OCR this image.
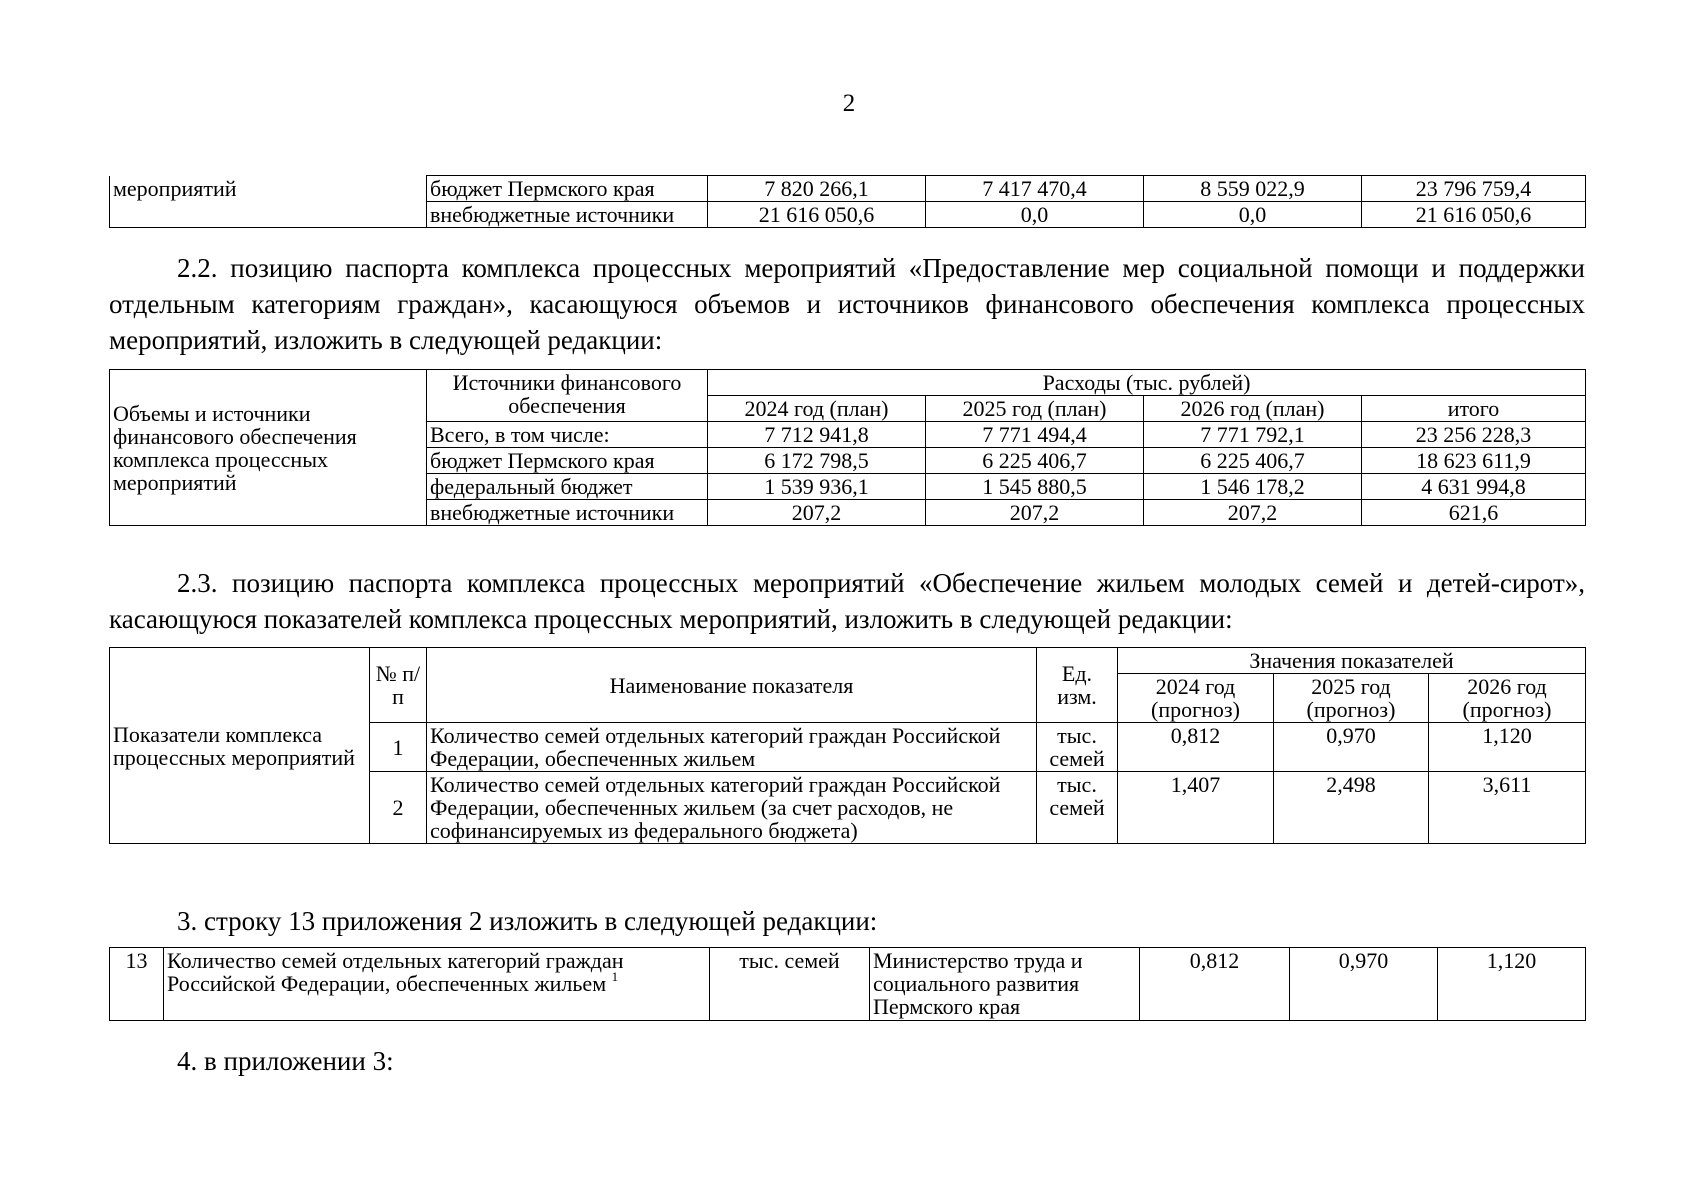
2
мероприятий	бюджет Пермского края	7 820 266,1	7 417 470,4	8 559 022,9	23 796 759,4
	внебюджетные источники	21 616 050,6	0,0	0,0	21 616 050,6
2.2. позицию паспорта комплекса процессных мероприятий «Предоставление мер социальной помощи и поддержки отдельным категориям граждан», касающуюся объемов и источников финансового обеспечения комплекса процессных мероприятий, изложить в следующей редакции:
Объемы и источники финансового обеспечения комплекса процессных мероприятий	Источники финансового обеспечения	Расходы (тыс. рублей)			
		2024 год (план)	2025 год (план)	2026 год (план)	итого
	Всего, в том числе:	7 712 941,8	7 771 494,4	7 771 792,1	23 256 228,3
	бюджет Пермского края	6 172 798,5	6 225 406,7	6 225 406,7	18 623 611,9
	федеральный бюджет	1 539 936,1	1 545 880,5	1 546 178,2	4 631 994,8
	внебюджетные источники	207,2	207,2	207,2	621,6
2.3. позицию паспорта комплекса процессных мероприятий «Обеспечение жильем молодых семей и детей-сирот», касающуюся показателей комплекса процессных мероприятий, изложить в следующей редакции:
Показатели комплекса процессных мероприятий	№ п/п	Наименование показателя	Ед. изм.	Значения показателей		
				2024 год (прогноз)	2025 год (прогноз)	2026 год (прогноз)
	1	Количество семей отдельных категорий граждан Российской Федерации, обеспеченных жильем	тыс. семей	0,812	0,970	1,120
	2	Количество семей отдельных категорий граждан Российской Федерации, обеспеченных жильем (за счет расходов, не софинансируемых из федерального бюджета)	тыс. семей	1,407	2,498	3,611
3. строку 13 приложения 2 изложить в следующей редакции:
13	Количество семей отдельных категорий граждан Российской Федерации, обеспеченных жильем $^1$	тыс. семей	Министерство труда и социального развития Пермского края	0,812	0,970	1,120
4. в приложении 3:
